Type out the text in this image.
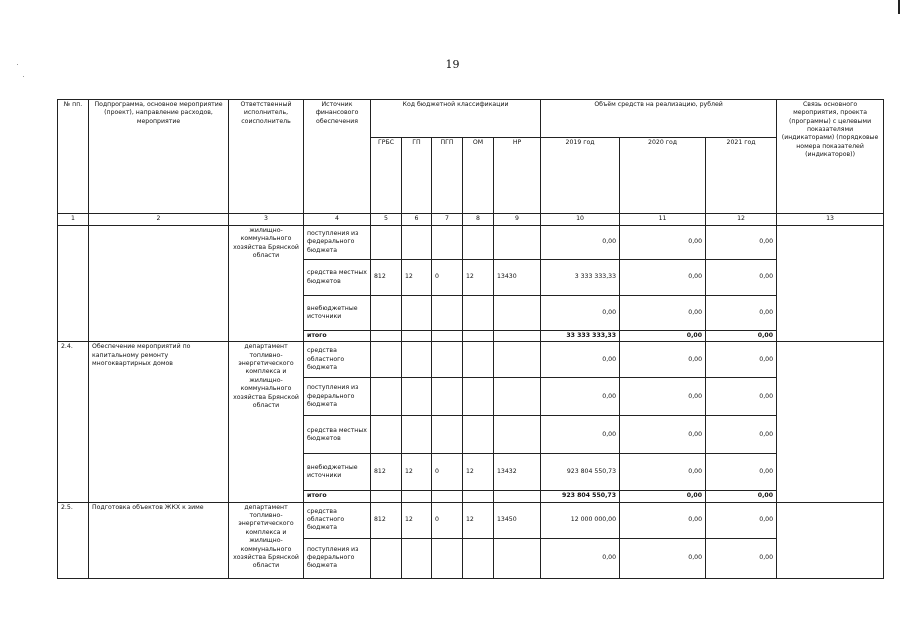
19
№ пп.	Подпрограмма, основное мероприятие (проект), направление расходов, мероприятие	Ответственный исполнитель, соисполнитель	Источник финансового обеспечения	Код бюджетной классификации					Объём средств на реализацию, рублей			Связь основного мероприятия, проекта (программы) с целевыми показателями (индикаторами) (порядковые номера показателей (индикаторов))
				ГРБС	ГП	ПГП	ОМ	НР	2019 год	2020 год	2021 год	
1	2	3	4	5	6	7	8	9	10	11	12	13
		жилищно-коммунального хозяйства Брянской области	поступления из федерального бюджета						0,00	0,00	0,00	
			средства местных бюджетов	812	12	0	12	13430	3 333 333,33	0,00	0,00	
			внебюджетные источники						0,00	0,00	0,00	
			итого						33 333 333,33	0,00	0,00	
2.4.	Обеспечение мероприятий по капитальному ремонту многоквартирных домов	департамент топливно-энергетического комплекса и жилищно-коммунального хозяйства Брянской области	средства областного бюджета						0,00	0,00	0,00	
			поступления из федерального бюджета						0,00	0,00	0,00	
			средства местных бюджетов						0,00	0,00	0,00	
			внебюджетные источники	812	12	0	12	13432	923 804 550,73	0,00	0,00	
			итого						923 804 550,73	0,00	0,00	
2.5.	Подготовка объектов ЖКХ к зиме	департамент топливно-энергетического комплекса и жилищно-коммунального хозяйства Брянской области	средства областного бюджета	812	12	0	12	13450	12 000 000,00	0,00	0,00	
			поступления из федерального бюджета						0,00	0,00	0,00	
